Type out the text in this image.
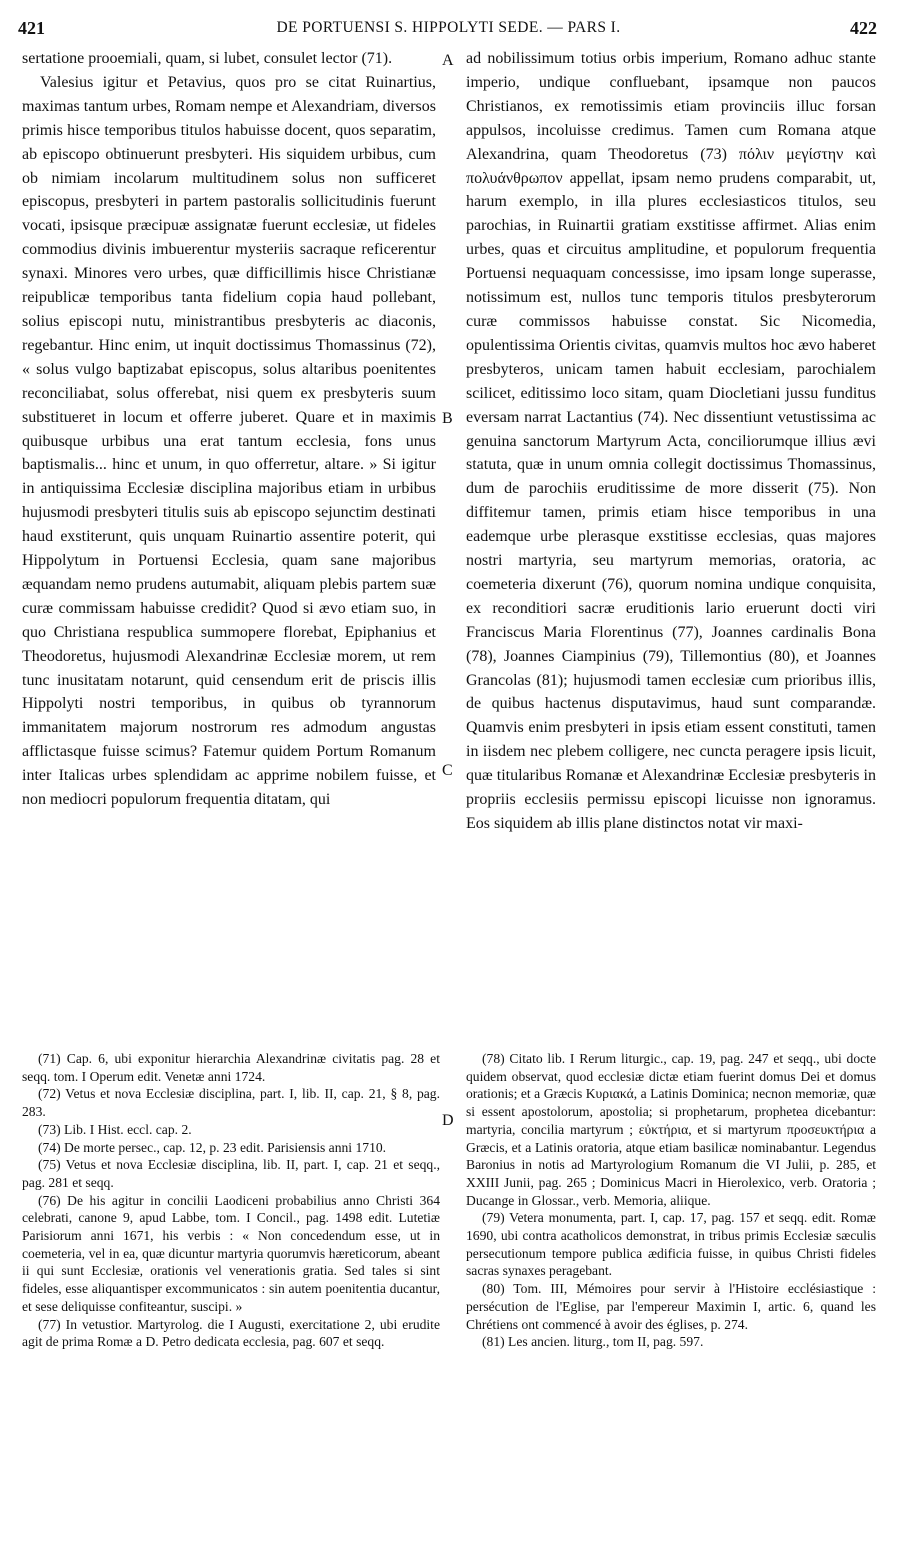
421	DE PORTUENSI S. HIPPOLYTI SEDE. — PARS I.	422

sertatione prooemiali, quam, si lubet, consulet lector (71).

Valesius igitur et Petavius, quos pro se citat Ruinartius, maximas tantum urbes, Romam nempe et Alexandriam, diversos primis hisce temporibus titulos habuisse docent, quos separatim, ab episcopo obtinuerunt presbyteri. His siquidem urbibus, cum ob nimiam incolarum multitudinem solus non sufficeret episcopus, presbyteri in partem pastoralis sollicitudinis fuerunt vocati, ipsisque præcipuæ assignatæ fuerunt ecclesiæ, ut fideles commodius divinis imbuerentur mysteriis sacraque reficerentur synaxi. Minores vero urbes, quæ difficillimis hisce Christianæ reipublicæ temporibus tanta fidelium copia haud pollebant, solius episcopi nutu, ministrantibus presbyteris ac diaconis, regebantur. Hinc enim, ut inquit doctissimus Thomassinus (72), « solus vulgo baptizabat episcopus, solus altaribus poenitentes reconciliabat, solus offerebat, nisi quem ex presbyteris suum substitueret in locum et offerre juberet. Quare et in maximis quibusque urbibus una erat tantum ecclesia, fons unus baptismalis... hinc et unum, in quo offerretur, altare. » Si igitur in antiquissima Ecclesiæ disciplina majoribus etiam in urbibus hujusmodi presbyteri titulis suis ab episcopo sejunctim destinati haud exstiterunt, quis unquam Ruinartio assentire poterit, qui Hippolytum in Portuensi Ecclesia, quam sane majoribus æquandam nemo prudens autumabit, aliquam plebis partem suæ curæ commissam habuisse credidit? Quod si ævo etiam suo, in quo Christiana respublica summopere florebat, Epiphanius et Theodoretus, hujusmodi Alexandrinæ Ecclesiæ morem, ut rem tunc inusitatam notarunt, quid censendum erit de priscis illis Hippolyti nostri temporibus, in quibus ob tyrannorum immanitatem majorum nostrorum res admodum angustas afflictasque fuisse scimus? Fatemur quidem Portum Romanum inter Italicas urbes splendidam ac apprime nobilem fuisse, et non mediocri populorum frequentia ditatam, qui

A
B
C
D

ad nobilissimum totius orbis imperium, Romano adhuc stante imperio, undique confluebant, ipsamque non paucos Christianos, ex remotissimis etiam provinciis illuc forsan appulsos, incoluisse credimus. Tamen cum Romana atque Alexandrina, quam Theodoretus (73) πόλιν μεγίστην καὶ πολυάνθρωπον appellat, ipsam nemo prudens comparabit, ut, harum exemplo, in illa plures ecclesiasticos titulos, seu parochias, in Ruinartii gratiam exstitisse affirmet. Alias enim urbes, quas et circuitus amplitudine, et populorum frequentia Portuensi nequaquam concessisse, imo ipsam longe superasse, notissimum est, nullos tunc temporis titulos presbyterorum curæ commissos habuisse constat. Sic Nicomedia, opulentissima Orientis civitas, quamvis multos hoc ævo haberet presbyteros, unicam tamen habuit ecclesiam, parochialem scilicet, editissimo loco sitam, quam Diocletiani jussu funditus eversam narrat Lactantius (74). Nec dissentiunt vetustissima ac genuina sanctorum Martyrum Acta, conciliorumque illius ævi statuta, quæ in unum omnia collegit doctissimus Thomassinus, dum de parochiis eruditissime de more disserit (75). Non diffitemur tamen, primis etiam hisce temporibus in una eademque urbe plerasque exstitisse ecclesias, quas majores nostri martyria, seu martyrum memorias, oratoria, ac coemeteria dixerunt (76), quorum nomina undique conquisita, ex reconditiori sacræ eruditionis lario eruerunt docti viri Franciscus Maria Florentinus (77), Joannes cardinalis Bona (78), Joannes Ciampinius (79), Tillemontius (80), et Joannes Grancolas (81); hujusmodi tamen ecclesiæ cum prioribus illis, de quibus hactenus disputavimus, haud sunt comparandæ. Quamvis enim presbyteri in ipsis etiam essent constituti, tamen in iisdem nec plebem colligere, nec cuncta peragere ipsis licuit, quæ titularibus Romanæ et Alexandrinæ Ecclesiæ presbyteris in propriis ecclesiis permissu episcopi licuisse non ignoramus. Eos siquidem ab illis plane distinctos notat vir maxi-

(71) Cap. 6, ubi exponitur hierarchia Alexandrinæ civitatis pag. 28 et seqq. tom. I Operum edit. Venetæ anni 1724.

(72) Vetus et nova Ecclesiæ disciplina, part. I, lib. II, cap. 21, § 8, pag. 283.

(73) Lib. I Hist. eccl. cap. 2.

(74) De morte persec., cap. 12, p. 23 edit. Parisiensis anni 1710.

(75) Vetus et nova Ecclesiæ disciplina, lib. II, part. I, cap. 21 et seqq., pag. 281 et seqq.

(76) De his agitur in concilii Laodiceni probabilius anno Christi 364 celebrati, canone 9, apud Labbe, tom. I Concil., pag. 1498 edit. Lutetiæ Parisiorum anni 1671, his verbis : « Non concedendum esse, ut in coemeteria, vel in ea, quæ dicuntur martyria quorumvis hæreticorum, abeant ii qui sunt Ecclesiæ, orationis vel venerationis gratia. Sed tales si sint fideles, esse aliquantisper excommunicatos : sin autem poenitentia ducantur, et sese deliquisse confiteantur, suscipi. »

(77) In vetustior. Martyrolog. die I Augusti, exercitatione 2, ubi erudite agit de prima Romæ a D. Petro dedicata ecclesia, pag. 607 et seqq.

(78) Citato lib. I Rerum liturgic., cap. 19, pag. 247 et seqq., ubi docte quidem observat, quod ecclesiæ dictæ etiam fuerint domus Dei et domus orationis; et a Græcis Κυριακά, a Latinis Dominica; necnon memoriæ, quæ si essent apostolorum, apostolia; si prophetarum, prophetea dicebantur: martyria, concilia martyrum ; εὐκτήρια, et si martyrum προσευκτήρια a Græcis, et a Latinis oratoria, atque etiam basilicæ nominabantur. Legendus Baronius in notis ad Martyrologium Romanum die VI Julii, p. 285, et XXIII Junii, pag. 265 ; Dominicus Macri in Hierolexico, verb. Oratoria ; Ducange in Glossar., verb. Memoria, aliique.

(79) Vetera monumenta, part. I, cap. 17, pag. 157 et seqq. edit. Romæ 1690, ubi contra acatholicos demonstrat, in tribus primis Ecclesiæ sæculis persecutionum tempore publica ædificia fuisse, in quibus Christi fideles sacras synaxes peragebant.

(80) Tom. III, Mémoires pour servir à l'Histoire ecclésiastique : persécution de l'Eglise, par l'empereur Maximin I, artic. 6, quand les Chrétiens ont commencé à avoir des églises, p. 274.

(81) Les ancien. liturg., tom II, pag. 597.
